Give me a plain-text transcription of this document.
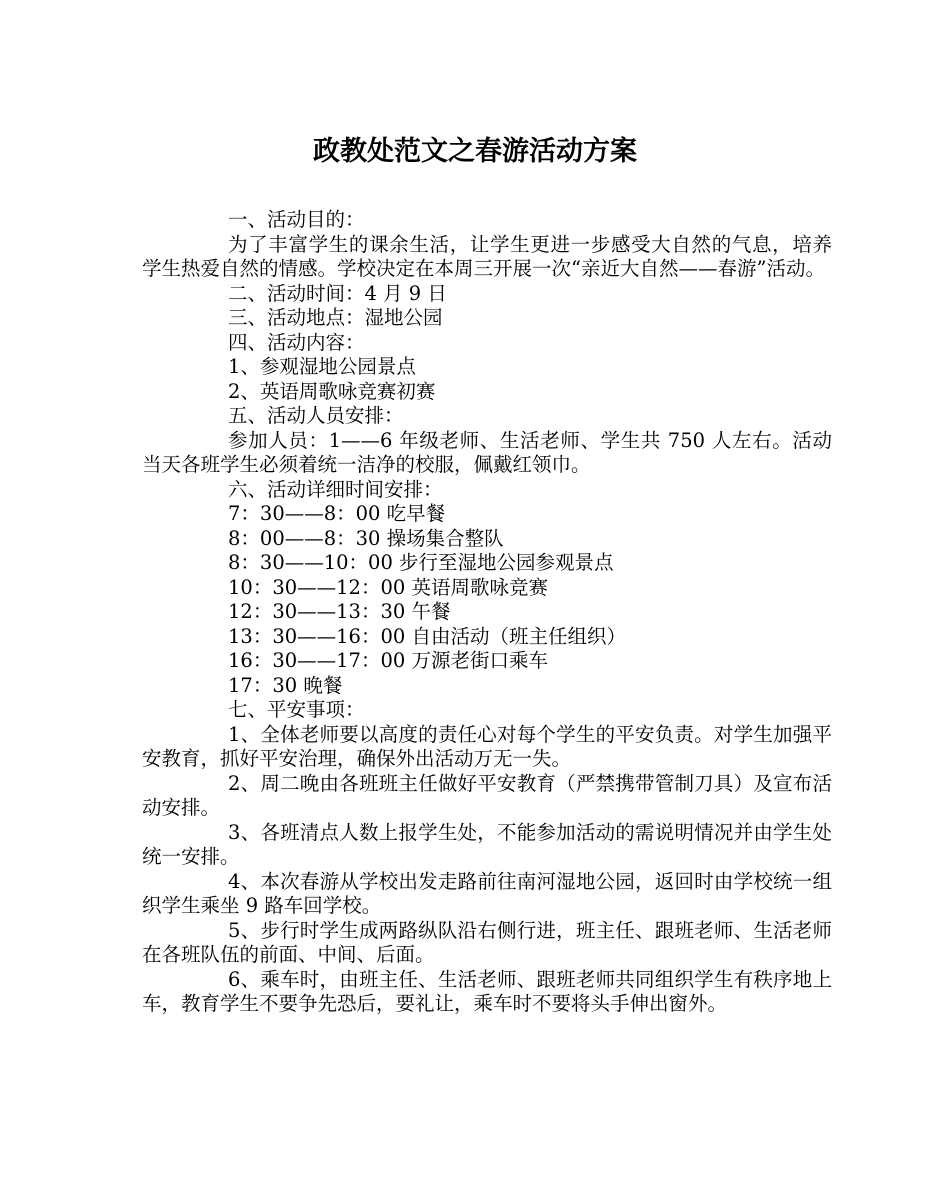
政教处范文之春游活动方案

一、活动目的：

为了丰富学生的课余生活，让学生更进一步感受大自然的气息，培养学生热爱自然的情感。学校决定在本周三开展一次“亲近大自然——春游”活动。

二、活动时间：4 月 9 日

三、活动地点：湿地公园

四、活动内容：

1、参观湿地公园景点

2、英语周歌咏竞赛初赛

五、活动人员安排：

参加人员：1——6 年级老师、生活老师、学生共 750 人左右。活动当天各班学生必须着统一洁净的校服，佩戴红领巾。

六、活动详细时间安排：

7：30——8：00 吃早餐

8：00——8：30 操场集合整队

8：30——10：00 步行至湿地公园参观景点

10：30——12：00 英语周歌咏竞赛

12：30——13：30 午餐

13：30——16：00 自由活动（班主任组织）

16：30——17：00 万源老街口乘车

17：30 晚餐

七、平安事项：

1、全体老师要以高度的责任心对每个学生的平安负责。对学生加强平安教育，抓好平安治理，确保外出活动万无一失。

2、周二晚由各班班主任做好平安教育（严禁携带管制刀具）及宣布活动安排。

3、各班清点人数上报学生处，不能参加活动的需说明情况并由学生处统一安排。

4、本次春游从学校出发走路前往南河湿地公园，返回时由学校统一组织学生乘坐 9 路车回学校。

5、步行时学生成两路纵队沿右侧行进，班主任、跟班老师、生活老师在各班队伍的前面、中间、后面。

6、乘车时，由班主任、生活老师、跟班老师共同组织学生有秩序地上车，教育学生不要争先恐后，要礼让，乘车时不要将头手伸出窗外。
